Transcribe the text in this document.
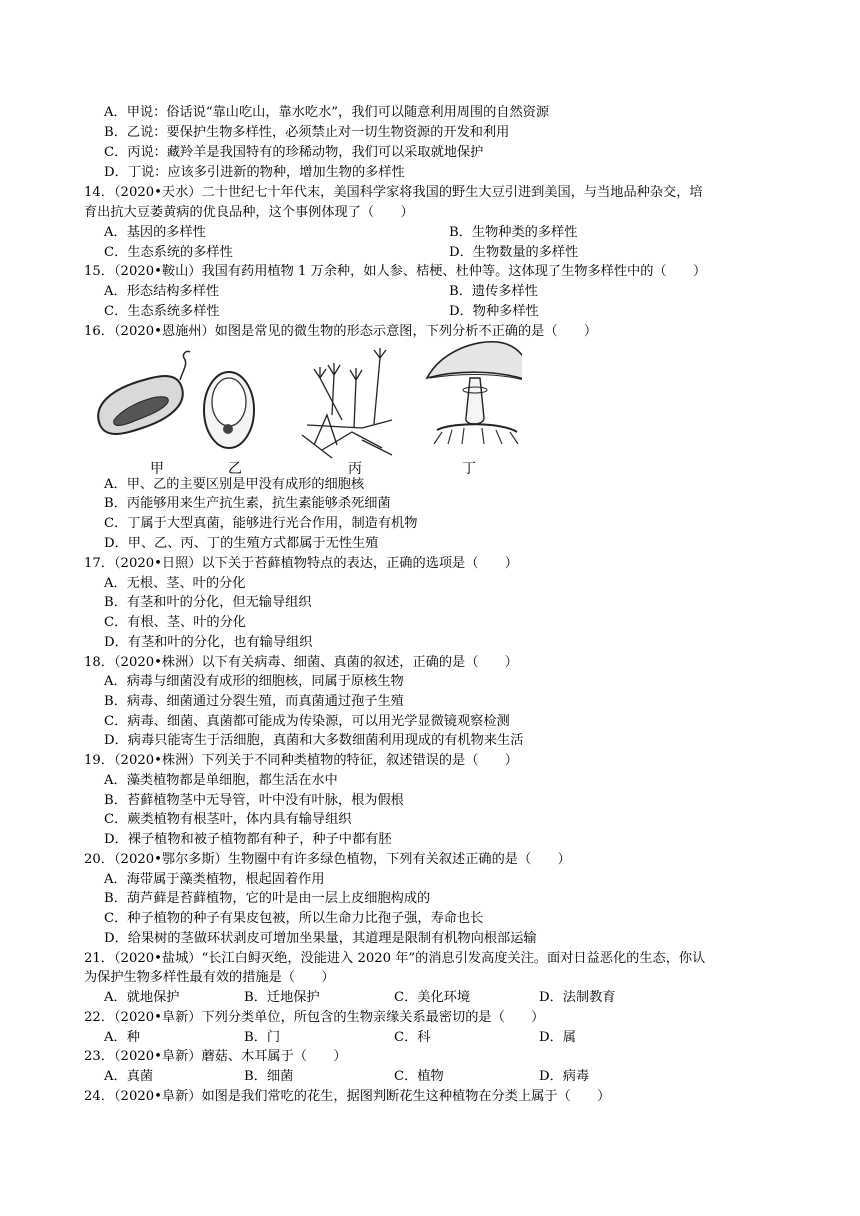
A．甲说：俗话说“靠山吃山，靠水吃水”，我们可以随意利用周围的自然资源
B．乙说：要保护生物多样性，必须禁止对一切生物资源的开发和利用
C．丙说：藏羚羊是我国特有的珍稀动物，我们可以采取就地保护
D．丁说：应该多引进新的物种，增加生物的多样性
14．（2020•天水）二十世纪七十年代末，美国科学家将我国的野生大豆引进到美国，与当地品种杂交，培
育出抗大豆萎黄病的优良品种，这个事例体现了（　　）
A．基因的多样性	B．生物种类的多样性
C．生态系统的多样性	D．生物数量的多样性
15．（2020•鞍山）我国有药用植物 1 万余种，如人参、桔梗、杜仲等。这体现了生物多样性中的（　　）
A．形态结构多样性	B．遗传多样性
C．生态系统多样性	D．物种多样性
16．（2020•恩施州）如图是常见的微生物的形态示意图，下列分析不正确的是（　　）
甲	乙	丙	丁
A．甲、乙的主要区别是甲没有成形的细胞核
B．丙能够用来生产抗生素，抗生素能够杀死细菌
C．丁属于大型真菌，能够进行光合作用，制造有机物
D．甲、乙、丙、丁的生殖方式都属于无性生殖
17．（2020•日照）以下关于苔藓植物特点的表达，正确的选项是（　　）
A．无根、茎、叶的分化
B．有茎和叶的分化，但无输导组织
C．有根、茎、叶的分化
D．有茎和叶的分化，也有输导组织
18．（2020•株洲）以下有关病毒、细菌、真菌的叙述，正确的是（　　）
A．病毒与细菌没有成形的细胞核，同属于原核生物
B．病毒、细菌通过分裂生殖，而真菌通过孢子生殖
C．病毒、细菌、真菌都可能成为传染源，可以用光学显微镜观察检测
D．病毒只能寄生于活细胞，真菌和大多数细菌利用现成的有机物来生活
19．（2020•株洲）下列关于不同种类植物的特征，叙述错误的是（　　）
A．藻类植物都是单细胞，都生活在水中
B．苔藓植物茎中无导管，叶中没有叶脉，根为假根
C．蕨类植物有根茎叶，体内具有输导组织
D．裸子植物和被子植物都有种子，种子中都有胚
20．（2020•鄂尔多斯）生物圈中有许多绿色植物，下列有关叙述正确的是（　　）
A．海带属于藻类植物，根起固着作用
B．葫芦藓是苔藓植物，它的叶是由一层上皮细胞构成的
C．种子植物的种子有果皮包被，所以生命力比孢子强，寿命也长
D．给果树的茎做环状剥皮可增加坐果量，其道理是限制有机物向根部运输
21．（2020•盐城）“长江白鲟灭绝，没能进入 2020 年”的消息引发高度关注。面对日益恶化的生态，你认
为保护生物多样性最有效的措施是（　　）
A．就地保护	B．迁地保护	C．美化环境	D．法制教育
22．（2020•阜新）下列分类单位，所包含的生物亲缘关系最密切的是（　　）
A．种	B．门	C．科	D．属
23．（2020•阜新）蘑菇、木耳属于（　　）
A．真菌	B．细菌	C．植物	D．病毒
24．（2020•阜新）如图是我们常吃的花生，据图判断花生这种植物在分类上属于（　　）
